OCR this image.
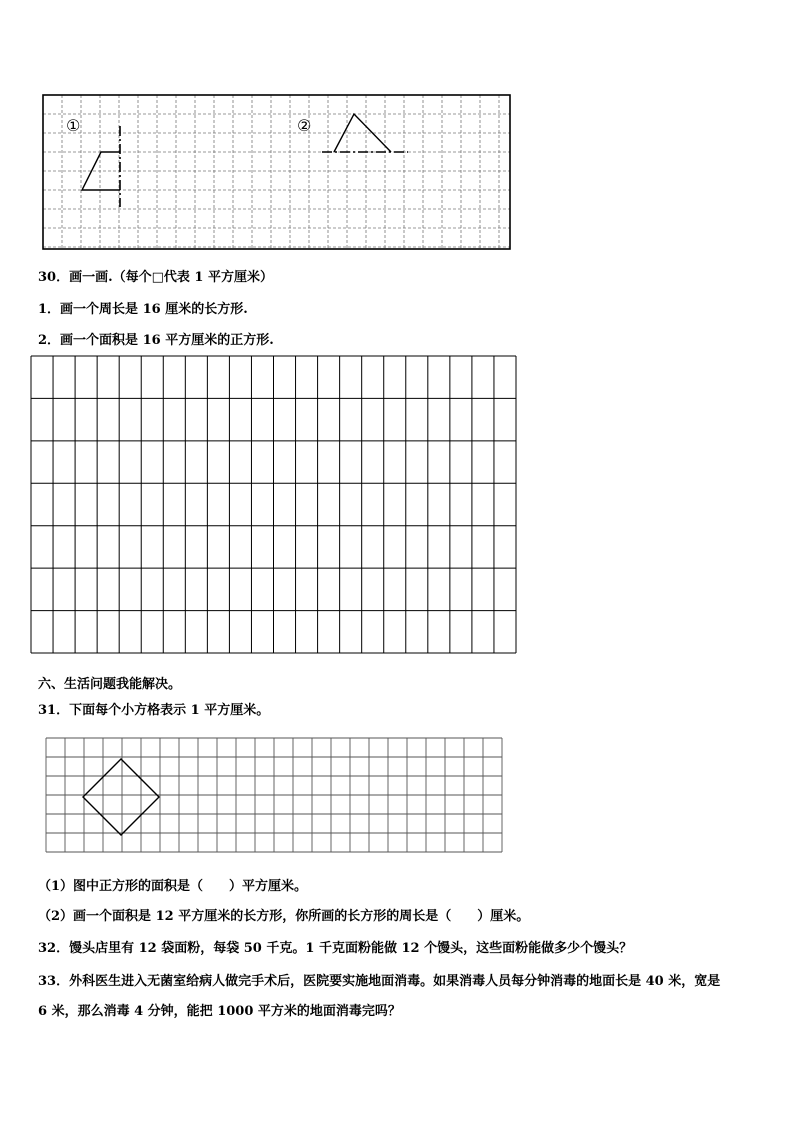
①	②
30．画一画.（每个□代表 1 平方厘米）
1．画一个周长是 16 厘米的长方形.
2．画一个面积是 16 平方厘米的正方形.
六、生活问题我能解决。
31．下面每个小方格表示 1 平方厘米。
（1）图中正方形的面积是（　　）平方厘米。
（2）画一个面积是 12 平方厘米的长方形，你所画的长方形的周长是（　　）厘米。
32．馒头店里有 12 袋面粉，每袋 50 千克。1 千克面粉能做 12 个馒头，这些面粉能做多少个馒头？
33．外科医生进入无菌室给病人做完手术后，医院要实施地面消毒。如果消毒人员每分钟消毒的地面长是 40 米，宽是
6 米，那么消毒 4 分钟，能把 1000 平方米的地面消毒完吗？
